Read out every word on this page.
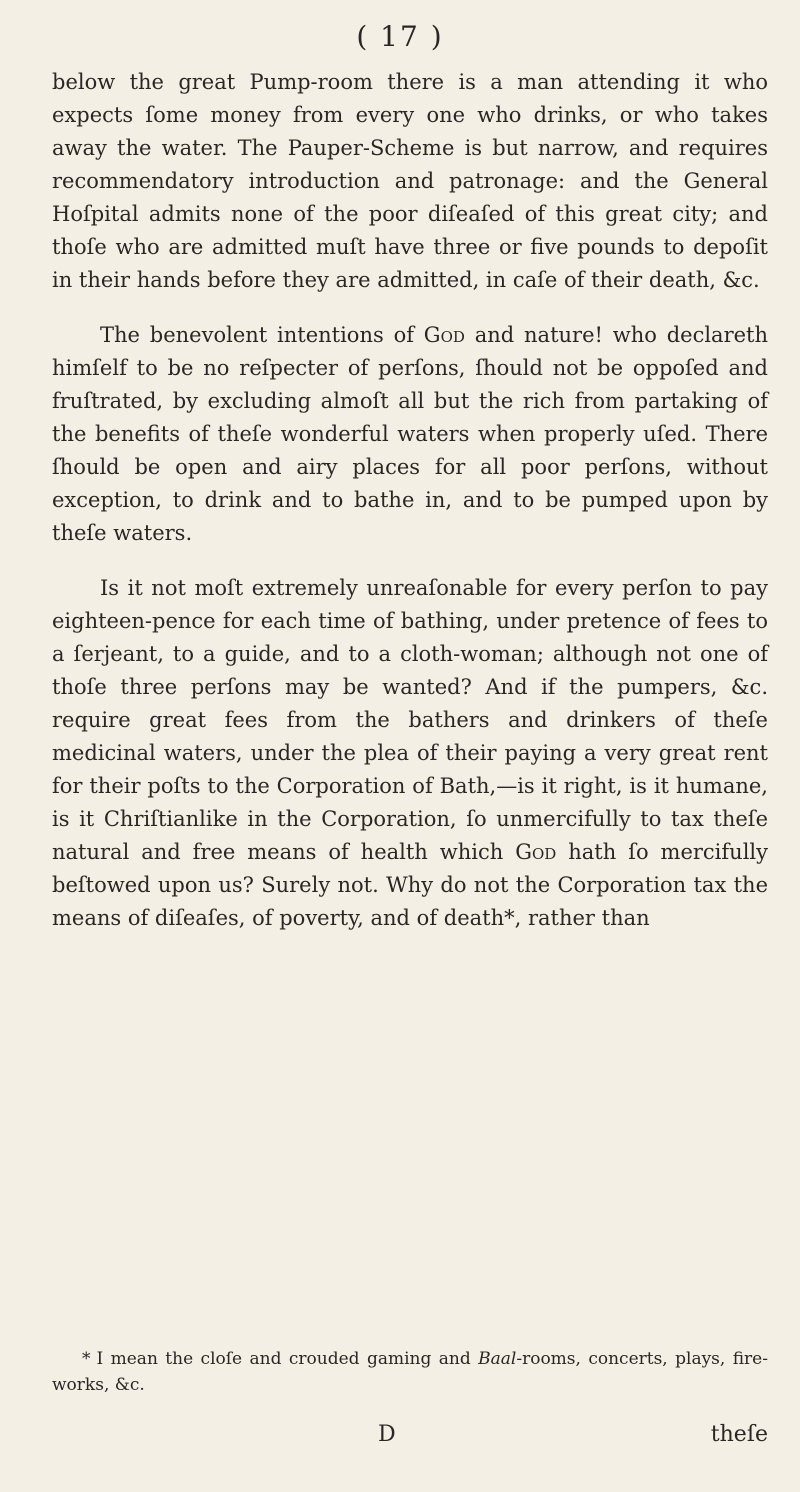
( 17 )

below the great Pump-room there is a man attending it who expects ſome money from every one who drinks, or who takes away the water. The Pauper-Scheme is but narrow, and requires recommendatory introduction and patronage: and the General Hoſpital admits none of the poor diſeaſed of this great city; and thoſe who are admitted muſt have three or five pounds to depoſit in their hands before they are admitted, in caſe of their death, &c.

The benevolent intentions of God and nature! who declareth himſelf to be no reſpecter of perſons, ſhould not be oppoſed and fruſtrated, by excluding almoſt all but the rich from partaking of the benefits of theſe wonderful waters when properly uſed. There ſhould be open and airy places for all poor perſons, without exception, to drink and to bathe in, and to be pumped upon by theſe waters.

Is it not moſt extremely unreaſonable for every perſon to pay eighteen-pence for each time of bathing, under pretence of fees to a ſerjeant, to a guide, and to a cloth-woman; although not one of thoſe three perſons may be wanted? And if the pumpers, &c. require great fees from the bathers and drinkers of theſe medicinal waters, under the plea of their paying a very great rent for their poſts to the Corporation of Bath,—is it right, is it humane, is it Chriſtianlike in the Corporation, ſo unmercifully to tax theſe natural and free means of health which God hath ſo mercifully beſtowed upon us? Surely not. Why do not the Corporation tax the means of diſeaſes, of poverty, and of death*, rather than

* I mean the cloſe and crouded gaming and Baal-rooms, concerts, plays, fire-works, &c.

D	theſe
